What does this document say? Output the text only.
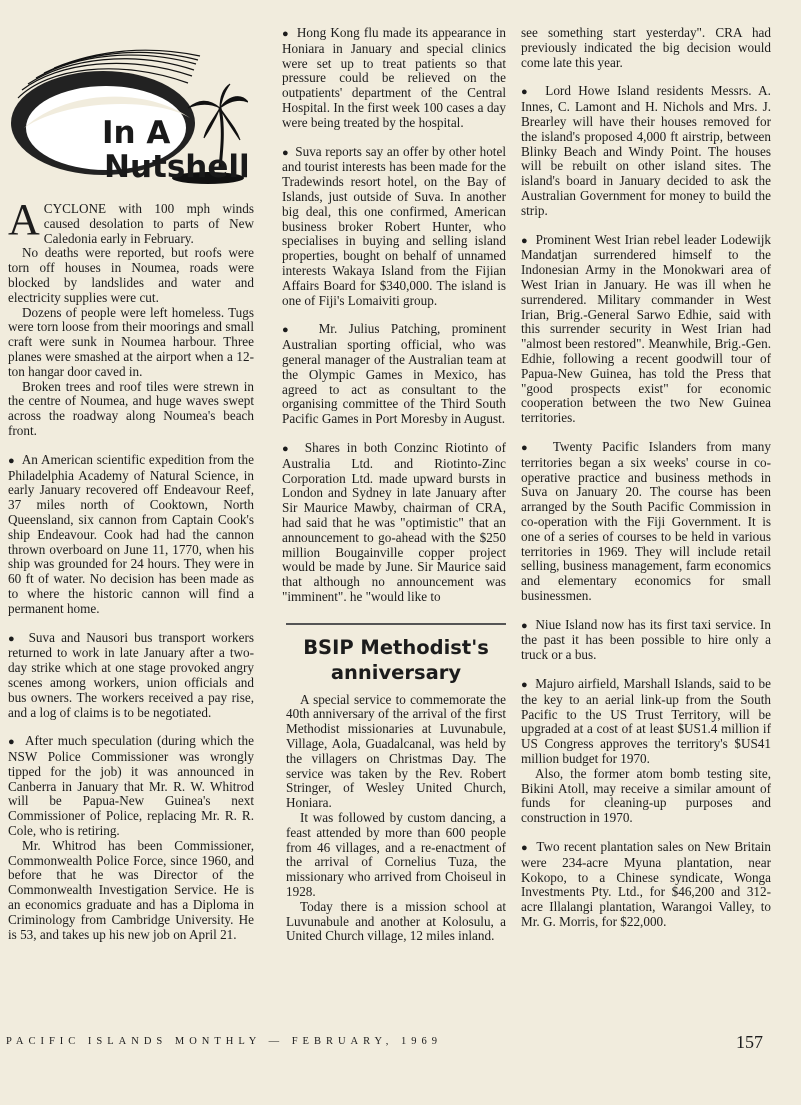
In A
Nutshell

ACYCLONE with 100 mph winds caused desolation to parts of New Caledonia early in February.

No deaths were reported, but roofs were torn off houses in Noumea, roads were blocked by landslides and water and electricity supplies were cut.

Dozens of people were left homeless. Tugs were torn loose from their moorings and small craft were sunk in Noumea harbour. Three planes were smashed at the airport when a 12-ton hangar door caved in.

Broken trees and roof tiles were strewn in the centre of Noumea, and huge waves swept across the roadway along Noumea's beach front.

●  An American scientific expedition from the Philadelphia Academy of Natural Science, in early January recovered off Endeavour Reef, 37 miles north of Cooktown, North Queensland, six cannon from Captain Cook's ship Endeavour. Cook had had the cannon thrown overboard on June 11, 1770, when his ship was grounded for 24 hours. They were in 60 ft of water. No decision has been made as to where the historic cannon will find a permanent home.

●  Suva and Nausori bus transport workers returned to work in late January after a two-day strike which at one stage provoked angry scenes among workers, union officials and bus owners. The workers received a pay rise, and a log of claims is to be negotiated.

●  After much speculation (during which the NSW Police Commissioner was wrongly tipped for the job) it was announced in Canberra in January that Mr. R. W. Whitrod will be Papua-New Guinea's next Commissioner of Police, replacing Mr. R. R. Cole, who is retiring.

Mr. Whitrod has been Commissioner, Commonwealth Police Force, since 1960, and before that he was Director of the Commonwealth Investigation Service. He is an economics graduate and has a Diploma in Criminology from Cambridge University. He is 53, and takes up his new job on April 21.

●  Hong Kong flu made its appearance in Honiara in January and special clinics were set up to treat patients so that pressure could be relieved on the outpatients' department of the Central Hospital. In the first week 100 cases a day were being treated by the hospital.

●  Suva reports say an offer by other hotel and tourist interests has been made for the Tradewinds resort hotel, on the Bay of Islands, just outside of Suva. In another big deal, this one confirmed, American business broker Robert Hunter, who specialises in buying and selling island properties, bought on behalf of unnamed interests Wakaya Island from the Fijian Affairs Board for $340,000. The island is one of Fiji's Lomaiviti group.

●  Mr. Julius Patching, prominent Australian sporting official, who was general manager of the Australian team at the Olympic Games in Mexico, has agreed to act as consultant to the organising committee of the Third South Pacific Games in Port Moresby in August.

●  Shares in both Conzinc Riotinto of Australia Ltd. and Riotinto-Zinc Corporation Ltd. made upward bursts in London and Sydney in late January after Sir Maurice Mawby, chairman of CRA, had said that he was "optimistic" that an announcement to go-ahead with the $250 million Bougainville copper project would be made by June. Sir Maurice said that although no announcement was "imminent". he "would like to

BSIP Methodist's anniversary

A special service to commemorate the 40th anniversary of the arrival of the first Methodist missionaries at Luvunabule, Village, Aola, Guadalcanal, was held by the villagers on Christmas Day. The service was taken by the Rev. Robert Stringer, of Wesley United Church, Honiara.

It was followed by custom dancing, a feast attended by more than 600 people from 46 villages, and a re-enactment of the arrival of Cornelius Tuza, the missionary who arrived from Choiseul in 1928.

Today there is a mission school at Luvunabule and another at Kolosulu, a United Church village, 12 miles inland.

see something start yesterday". CRA had previously indicated the big decision would come late this year.

●  Lord Howe Island residents Messrs. A. Innes, C. Lamont and H. Nichols and Mrs. J. Brearley will have their houses removed for the island's proposed 4,000 ft airstrip, between Blinky Beach and Windy Point. The houses will be rebuilt on other island sites. The island's board in January decided to ask the Australian Government for money to build the strip.

●  Prominent West Irian rebel leader Lodewijk Mandatjan surrendered himself to the Indonesian Army in the Monokwari area of West Irian in January. He was ill when he surrendered. Military commander in West Irian, Brig.-General Sarwo Edhie, said with this surrender security in West Irian had "almost been restored". Meanwhile, Brig.-Gen. Edhie, following a recent goodwill tour of Papua-New Guinea, has told the Press that "good prospects exist" for economic cooperation between the two New Guinea territories.

●  Twenty Pacific Islanders from many territories began a six weeks' course in co-operative practice and business methods in Suva on January 20. The course has been arranged by the South Pacific Commission in co-operation with the Fiji Government. It is one of a series of courses to be held in various territories in 1969. They will include retail selling, business management, farm economics and elementary economics for small businessmen.

●  Niue Island now has its first taxi service. In the past it has been possible to hire only a truck or a bus.

●  Majuro airfield, Marshall Islands, said to be the key to an aerial link-up from the South Pacific to the US Trust Territory, will be upgraded at a cost of at least $US1.4 million if US Congress approves the territory's $US41 million budget for 1970.

Also, the former atom bomb testing site, Bikini Atoll, may receive a similar amount of funds for cleaning-up purposes and construction in 1970.

●  Two recent plantation sales on New Britain were 234-acre Myuna plantation, near Kokopo, to a Chinese syndicate, Wonga Investments Pty. Ltd., for $46,200 and 312-acre Illalangi plantation, Warangoi Valley, to Mr. G. Morris, for $22,000.

PACIFIC ISLANDS MONTHLY — FEBRUARY, 1969	157
